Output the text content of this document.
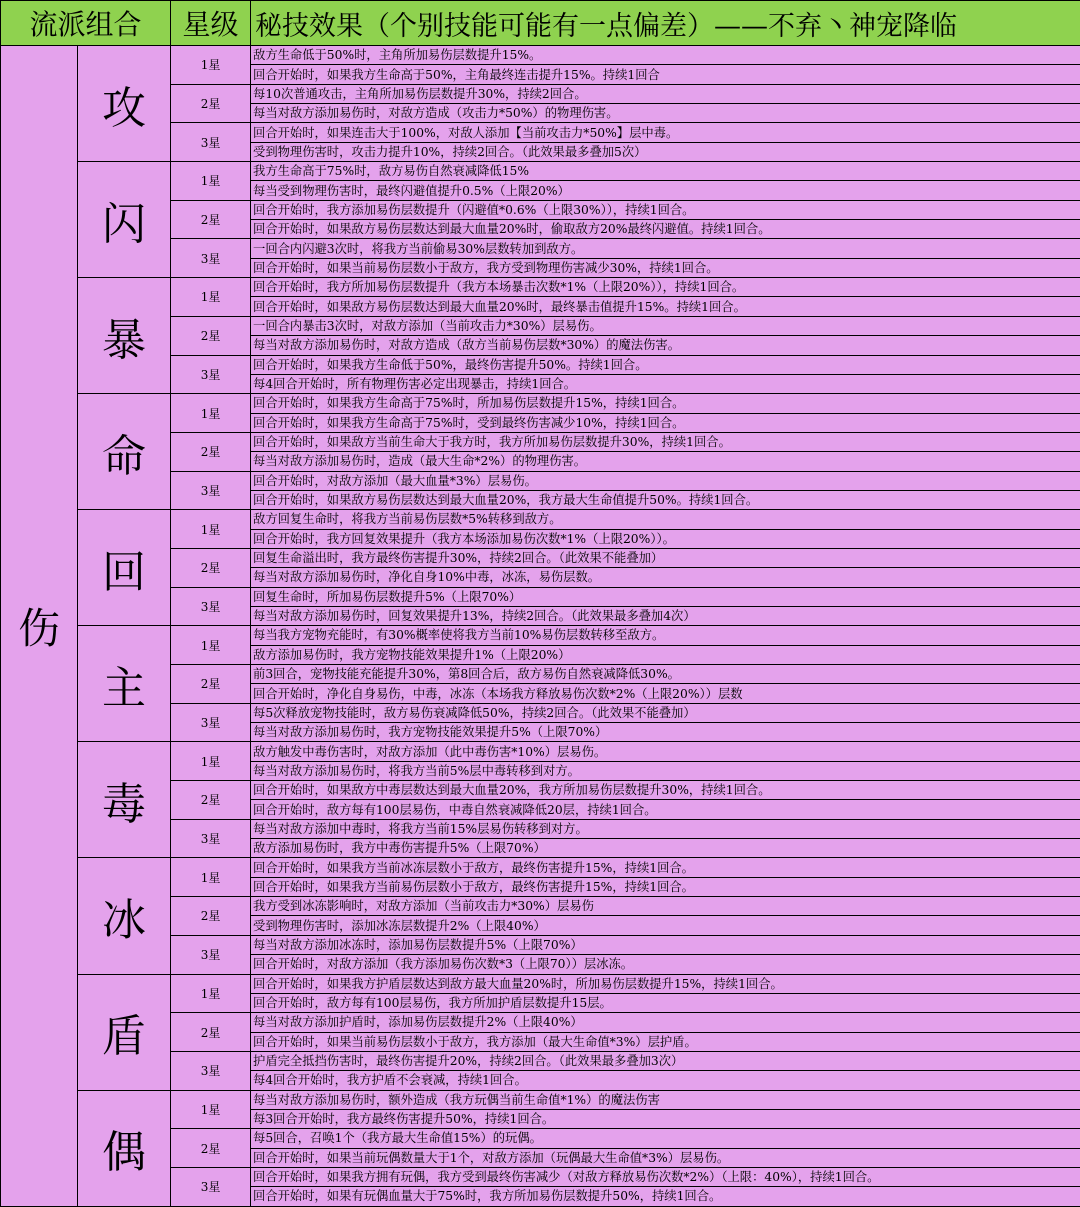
流派组合		星级	秘技效果（个别技能可能有一点偏差）——不弃丶神宠降临
伤	攻	1星	敌方生命低于50%时，主角所加易伤层数提升15%。
			回合开始时，如果我方生命高于50%，主角最终连击提升15%。持续1回合
		2星	每10次普通攻击，主角所加易伤层数提升30%，持续2回合。
			每当对敌方添加易伤时，对敌方造成（攻击力*50%）的物理伤害。
		3星	回合开始时，如果连击大于100%，对敌人添加【当前攻击力*50%】层中毒。
			受到物理伤害时，攻击力提升10%，持续2回合。（此效果最多叠加5次）
	闪	1星	我方生命高于75%时，敌方易伤自然衰减降低15%
			每当受到物理伤害时，最终闪避值提升0.5%（上限20%）
		2星	回合开始时，我方添加易伤层数提升（闪避值*0.6%（上限30%）），持续1回合。
			回合开始时，如果敌方易伤层数达到最大血量20%时，偷取敌方20%最终闪避值。持续1回合。
		3星	一回合内闪避3次时，将我方当前偷易30%层数转加到敌方。
			回合开始时，如果当前易伤层数小于敌方，我方受到物理伤害减少30%，持续1回合。
	暴	1星	回合开始时，我方所加易伤层数提升（我方本场暴击次数*1%（上限20%）），持续1回合。
			回合开始时，如果敌方易伤层数达到最大血量20%时，最终暴击值提升15%。持续1回合。
		2星	一回合内暴击3次时，对敌方添加（当前攻击力*30%）层易伤。
			每当对敌方添加易伤时，对敌方造成（敌方当前易伤层数*30%）的魔法伤害。
		3星	回合开始时，如果我方生命低于50%，最终伤害提升50%。持续1回合。
			每4回合开始时，所有物理伤害必定出现暴击，持续1回合。
	命	1星	回合开始时，如果我方生命高于75%时，所加易伤层数提升15%，持续1回合。
			回合开始时，如果我方生命高于75%时，受到最终伤害减少10%，持续1回合。
		2星	回合开始时，如果敌方当前生命大于我方时，我方所加易伤层数提升30%，持续1回合。
			每当对敌方添加易伤时，造成（最大生命*2%）的物理伤害。
		3星	回合开始时，对敌方添加（最大血量*3%）层易伤。
			回合开始时，如果敌方易伤层数达到最大血量20%，我方最大生命值提升50%。持续1回合。
	回	1星	敌方回复生命时，将我方当前易伤层数*5%转移到敌方。
			回合开始时，我方回复效果提升（我方本场添加易伤次数*1%（上限20%））。
		2星	回复生命溢出时，我方最终伤害提升30%，持续2回合。（此效果不能叠加）
			每当对敌方添加易伤时，净化自身10%中毒，冰冻，易伤层数。
		3星	回复生命时，所加易伤层数提升5%（上限70%）
			每当对敌方添加易伤时，回复效果提升13%，持续2回合。（此效果最多叠加4次）
	主	1星	每当我方宠物充能时，有30%概率使将我方当前10%易伤层数转移至敌方。
			敌方添加易伤时，我方宠物技能效果提升1%（上限20%）
		2星	前3回合，宠物技能充能提升30%，第8回合后，敌方易伤自然衰减降低30%。
			回合开始时，净化自身易伤，中毒，冰冻（本场我方释放易伤次数*2%（上限20%））层数
		3星	每5次释放宠物技能时，敌方易伤衰减降低50%，持续2回合。（此效果不能叠加）
			每当对敌方添加易伤时，我方宠物技能效果提升5%（上限70%）
	毒	1星	敌方触发中毒伤害时，对敌方添加（此中毒伤害*10%）层易伤。
			每当对敌方添加易伤时，将我方当前5%层中毒转移到对方。
		2星	回合开始时，如果敌方中毒层数达到最大血量20%，我方所加易伤层数提升30%，持续1回合。
			回合开始时，敌方每有100层易伤，中毒自然衰减降低20层，持续1回合。
		3星	每当对敌方添加中毒时，将我方当前15%层易伤转移到对方。
			敌方添加易伤时，我方中毒伤害提升5%（上限70%）
	冰	1星	回合开始时，如果我方当前冰冻层数小于敌方，最终伤害提升15%，持续1回合。
			回合开始时，如果我方当前易伤层数小于敌方，最终伤害提升15%，持续1回合。
		2星	我方受到冰冻影响时，对敌方添加（当前攻击力*30%）层易伤
			受到物理伤害时，添加冰冻层数提升2%（上限40%）
		3星	每当对敌方添加冰冻时，添加易伤层数提升5%（上限70%）
			回合开始时，对敌方添加（我方添加易伤次数*3（上限70））层冰冻。
	盾	1星	回合开始时，如果我方护盾层数达到敌方最大血量20%时，所加易伤层数提升15%，持续1回合。
			回合开始时，敌方每有100层易伤，我方所加护盾层数提升15层。
		2星	每当对敌方添加护盾时，添加易伤层数提升2%（上限40%）
			回合开始时，如果当前易伤层数小于敌方，我方添加（最大生命值*3%）层护盾。
		3星	护盾完全抵挡伤害时，最终伤害提升20%，持续2回合。（此效果最多叠加3次）
			每4回合开始时，我方护盾不会衰减，持续1回合。
	偶	1星	每当对敌方添加易伤时，额外造成（我方玩偶当前生命值*1%）的魔法伤害
			每3回合开始时，我方最终伤害提升50%，持续1回合。
		2星	每5回合，召唤1个（我方最大生命值15%）的玩偶。
			回合开始时，如果当前玩偶数量大于1个，对敌方添加（玩偶最大生命值*3%）层易伤。
		3星	回合开始时，如果我方拥有玩偶，我方受到最终伤害减少（对敌方释放易伤次数*2%）（上限：40%），持续1回合。
			回合开始时，如果有玩偶血量大于75%时，我方所加易伤层数提升50%，持续1回合。
